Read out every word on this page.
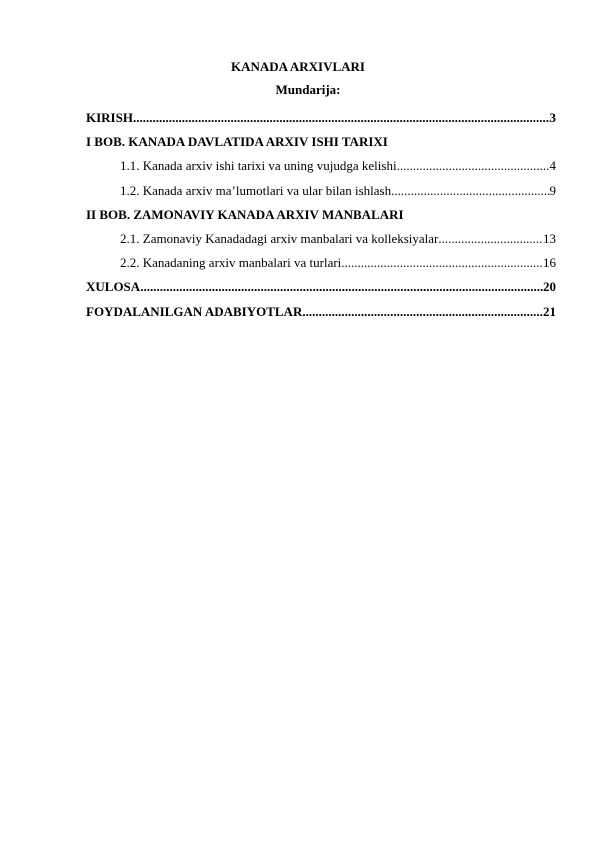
KANADA ARXIVLARI
Mundarija:
KIRISH .....	3
I BOB. KANADA DAVLATIDA ARXIV ISHI TARIXI
1.1. Kanada arxiv ishi tarixi va uning vujudga kelishi .....	4
1.2. Kanada arxiv ma’lumotlari va ular bilan ishlash .....	9
II BOB. ZAMONAVIY KANADA ARXIV MANBALARI
2.1. Zamonaviy Kanadadagi arxiv manbalari va kolleksiyalar .....	13
2.2. Kanadaning arxiv manbalari va turlari .....	16
XULOSA .....	20
FOYDALANILGAN ADABIYOTLAR .....	21
